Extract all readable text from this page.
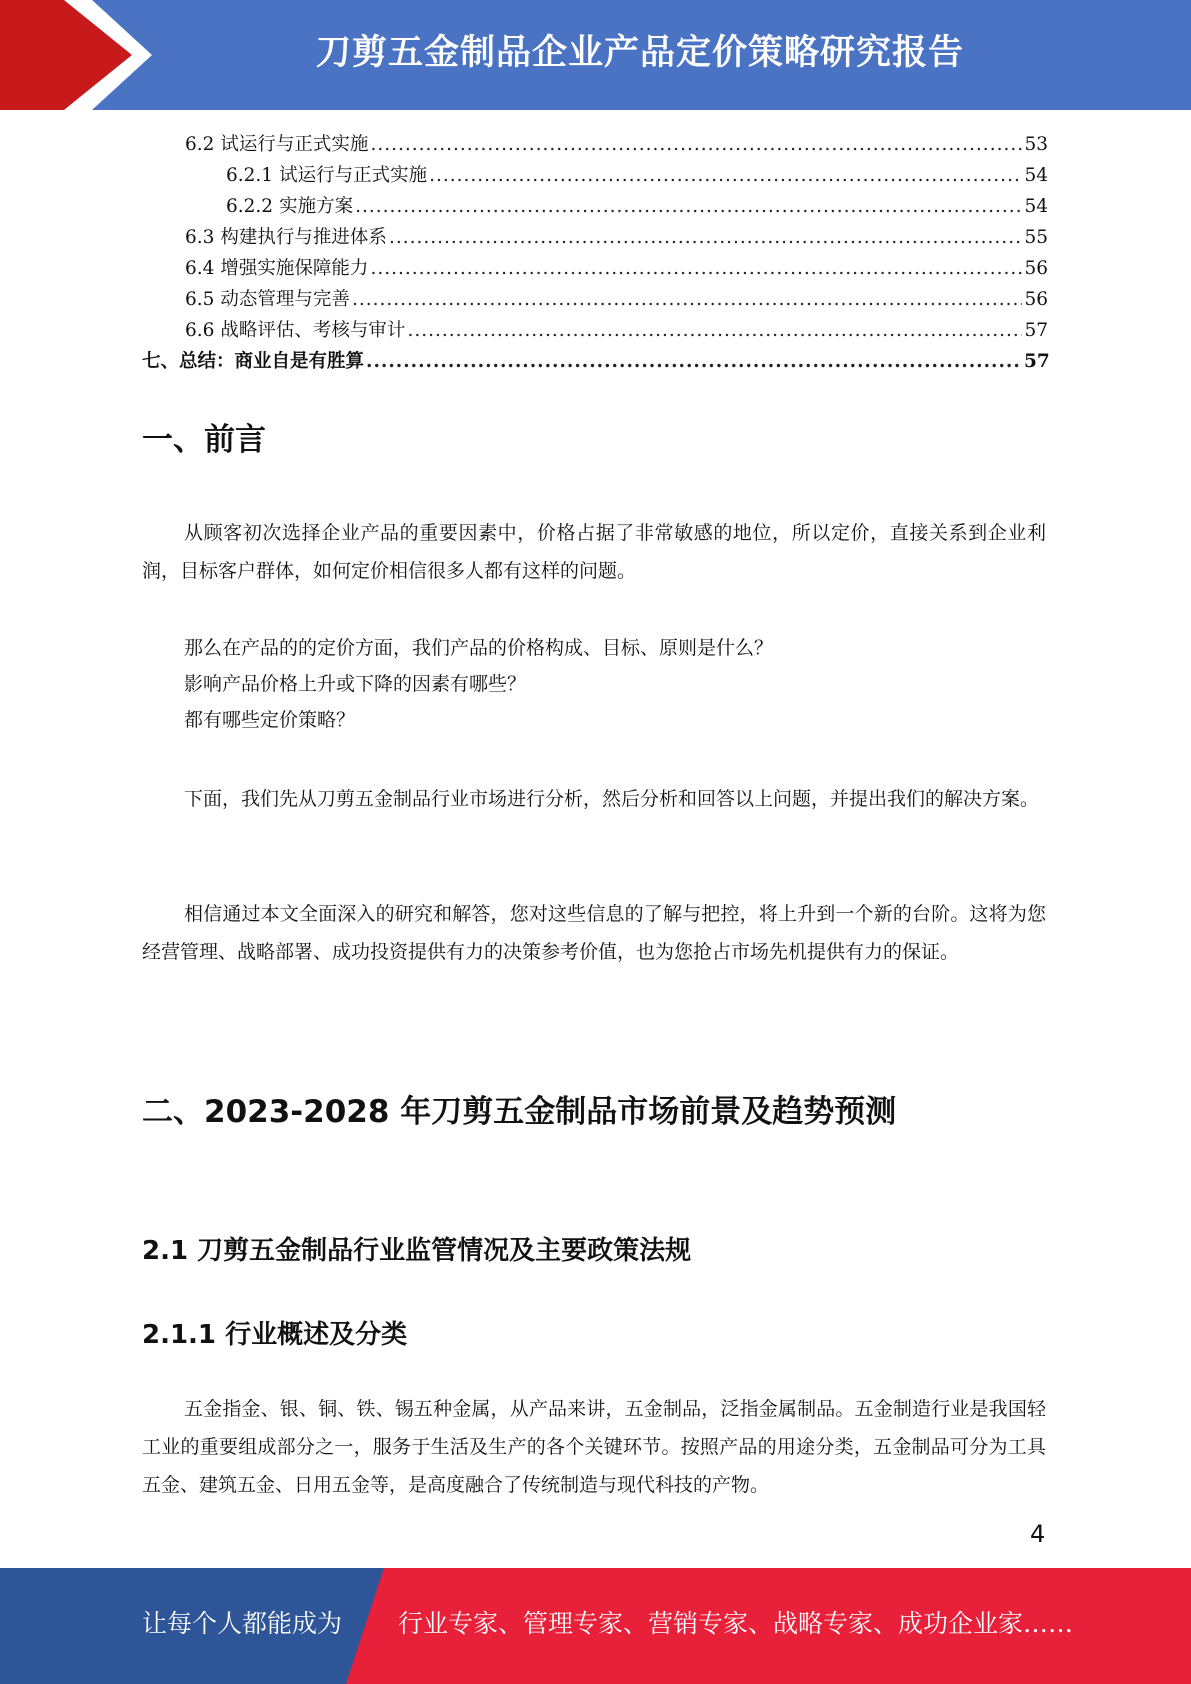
刀剪五金制品企业产品定价策略研究报告
6.2 试运行与正式实施 .....	53
6.2.1 试运行与正式实施 .....	54
6.2.2 实施方案 .....	54
6.3 构建执行与推进体系 .....	55
6.4 增强实施保障能力 .....	56
6.5 动态管理与完善 .....	56
6.6 战略评估、考核与审计 .....	57
七、总结：商业自是有胜算 .....	57
一、前言
从顾客初次选择企业产品的重要因素中，价格占据了非常敏感的地位，所以定价，直接关系到企业利润，目标客户群体，如何定价相信很多人都有这样的问题。
那么在产品的的定价方面，我们产品的价格构成、目标、原则是什么？
影响产品价格上升或下降的因素有哪些？
都有哪些定价策略？
下面，我们先从刀剪五金制品行业市场进行分析，然后分析和回答以上问题，并提出我们的解决方案。
相信通过本文全面深入的研究和解答，您对这些信息的了解与把控，将上升到一个新的台阶。这将为您经营管理、战略部署、成功投资提供有力的决策参考价值，也为您抢占市场先机提供有力的保证。
二、2023-2028 年刀剪五金制品市场前景及趋势预测
2.1 刀剪五金制品行业监管情况及主要政策法规
2.1.1 行业概述及分类
五金指金、银、铜、铁、锡五种金属，从产品来讲，五金制品，泛指金属制品。五金制造行业是我国轻工业的重要组成部分之一，服务于生活及生产的各个关键环节。按照产品的用途分类，五金制品可分为工具五金、建筑五金、日用五金等，是高度融合了传统制造与现代科技的产物。
4
让每个人都能成为 行业专家、管理专家、营销专家、战略专家、成功企业家……
